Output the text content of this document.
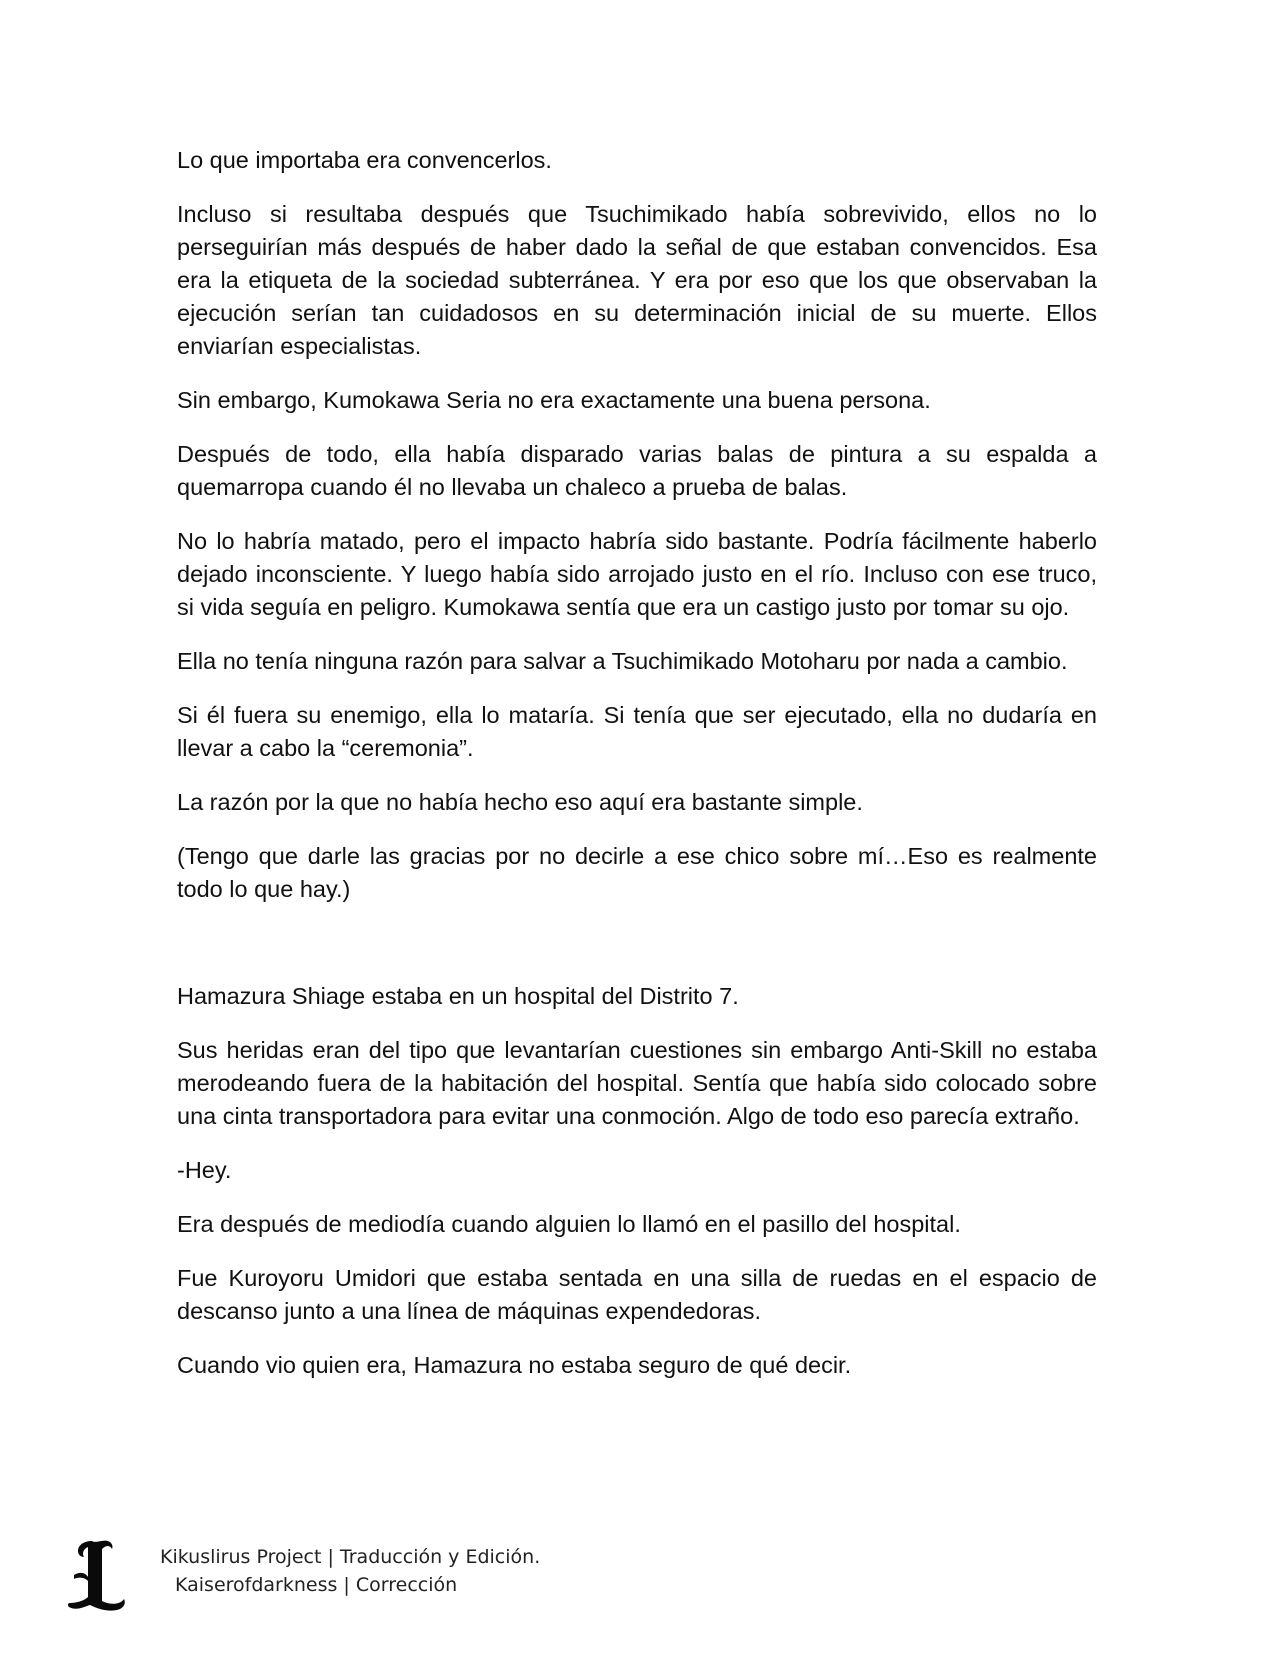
Lo que importaba era convencerlos.

Incluso si resultaba después que Tsuchimikado había sobrevivido, ellos no lo perseguirían más después de haber dado la señal de que estaban convencidos. Esa era la etiqueta de la sociedad subterránea. Y era por eso que los que observaban la ejecución serían tan cuidadosos en su determinación inicial de su muerte. Ellos enviarían especialistas.

Sin embargo, Kumokawa Seria no era exactamente una buena persona.

Después de todo, ella había disparado varias balas de pintura a su espalda a quemarropa cuando él no llevaba un chaleco a prueba de balas.

No lo habría matado, pero el impacto habría sido bastante. Podría fácilmente haberlo dejado inconsciente. Y luego había sido arrojado justo en el río. Incluso con ese truco, si vida seguía en peligro. Kumokawa sentía que era un castigo justo por tomar su ojo.

Ella no tenía ninguna razón para salvar a Tsuchimikado Motoharu por nada a cambio.

Si él fuera su enemigo, ella lo mataría. Si tenía que ser ejecutado, ella no dudaría en llevar a cabo la “ceremonia”.

La razón por la que no había hecho eso aquí era bastante simple.

(Tengo que darle las gracias por no decirle a ese chico sobre mí…Eso es realmente todo lo que hay.)

Hamazura Shiage estaba en un hospital del Distrito 7.

Sus heridas eran del tipo que levantarían cuestiones sin embargo Anti-Skill no estaba merodeando fuera de la habitación del hospital. Sentía que había sido colocado sobre una cinta transportadora para evitar una conmoción. Algo de todo eso parecía extraño.

-Hey.

Era después de mediodía cuando alguien lo llamó en el pasillo del hospital.

Fue Kuroyoru Umidori que estaba sentada en una silla de ruedas en el espacio de descanso junto a una línea de máquinas expendedoras.

Cuando vio quien era, Hamazura no estaba seguro de qué decir.

Kikuslirus Project | Traducción y Edición.
Kaiserofdarkness | Corrección
